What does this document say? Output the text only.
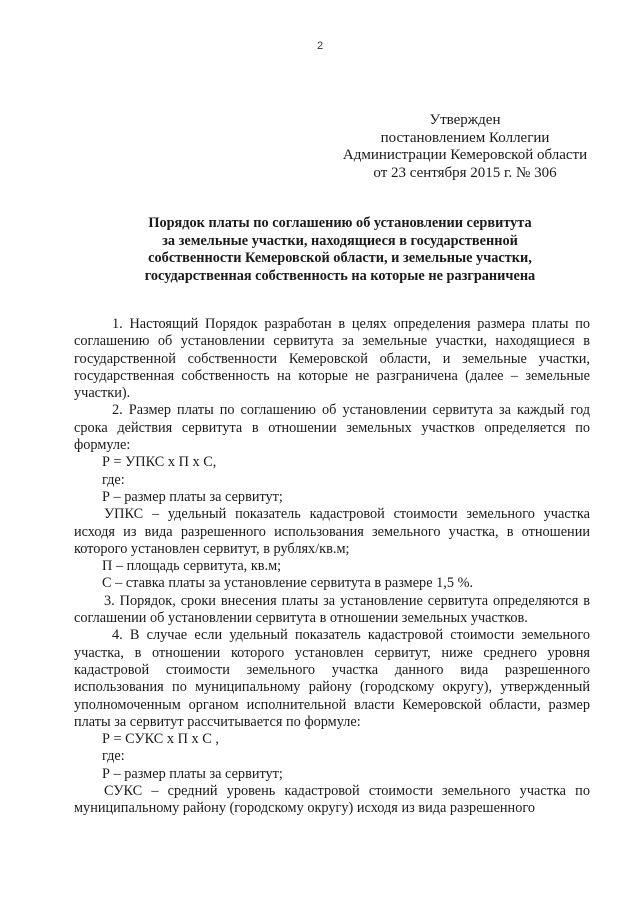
2
Утвержден
постановлением Коллегии
Администрации Кемеровской области
от 23 сентября 2015 г. № 306
Порядок платы по соглашению об установлении сервитута
за земельные участки, находящиеся в государственной
собственности Кемеровской области, и земельные участки,
государственная собственность на которые не разграничена

1. Настоящий Порядок разработан в целях определения размера платы по соглашению об установлении сервитута за земельные участки, находящиеся в государственной собственности Кемеровской области, и земельные участки, государственная собственность на которые не разграничена (далее – земельные участки).

2. Размер платы по соглашению об установлении сервитута за каждый год срока действия сервитута в отношении земельных участков определяется по формуле:

Р = УПКС х П х С,

где:

Р – размер платы за сервитут;

УПКС – удельный показатель кадастровой стоимости земельного участка исходя из вида разрешенного использования земельного участка, в отношении которого установлен сервитут, в рублях/кв.м;

П – площадь сервитута, кв.м;

С – ставка платы за установление сервитута в размере 1,5 %.

3. Порядок, сроки внесения платы за установление сервитута определяются в соглашении об установлении сервитута в отношении земельных участков.

4. В случае если удельный показатель кадастровой стоимости земельного участка, в отношении которого установлен сервитут, ниже среднего уровня кадастровой стоимости земельного участка данного вида разрешенного использования по муниципальному району (городскому округу), утвержденный уполномоченным органом исполнительной власти Кемеровской области, размер платы за сервитут рассчитывается по формуле:

Р = СУКС х П х С ,

где:

Р – размер платы за сервитут;

СУКС – средний уровень кадастровой стоимости земельного участка по муниципальному району (городскому округу) исходя из вида разрешенного
